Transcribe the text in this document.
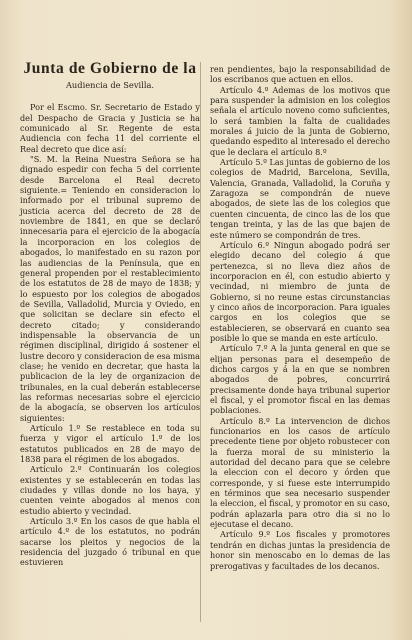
Junta de Gobierno de la
Audiencia de Sevilla.

Por el Escmo. Sr. Secretario de Estado y del Despacho de Gracia y Justicia se ha comunicado al Sr. Regente de esta Audiencia con fecha 11 del corriente el Real decreto que dice así:

"S. M. la Reina Nuestra Señora se ha dignado espedir con fecha 5 del corriente desde Barcelona el Real decreto siguiente.= Teniendo en consideracion lo informado por el tribunal supremo de justicia acerca del decreto de 28 de noviembre de 1841, en que se declaró innecesaria para el ejercicio de la abogacía la incorporacion en los colegios de abogados, lo manifestado en su razon por las audiencias de la Península, que en general propenden por el restablecimiento de los estatutos de 28 de mayo de 1838; y lo espuesto por los colegios de abogados de Sevilla, Valladolid, Murcia y Oviedo, en que solicitan se declare sin efecto el decreto citado; y considerando indispensable la observancia de un régimen disciplinal, dirigido á sostener el lustre decoro y consideracion de esa misma clase; he venido en decretar, que hasta la publicacion de la ley de organizacion de tribunales, en la cual deberán establecerse las reformas necesarias sobre el ejercicio de la abogacía, se observen los artículos siguientes:

Artículo 1.º Se restablece en toda su fuerza y vigor el artículo 1.º de los estatutos publicados en 28 de mayo de 1838 para el régimen de los abogados.

Artículo 2.º Continuarán los colegios existentes y se establecerán en todas las ciudades y villas donde no los haya, y cuenten veinte abogados al menos con estudio abierto y vecindad.

Artículo 3.º En los casos de que habla el artículo 4.º de los estatutos, no podrán sacarse los pleitos y negocios de la residencia del juzgado ó tribunal en que estuvieren

ren pendientes, bajo la responsabilidad de los escribanos que actuen en ellos.

Artículo 4.º Ademas de los motivos que para suspender la admision en los colegios señala el artículo noveno como suficientes, lo será tambien la falta de cualidades morales á juicio de la junta de Gobierno, quedando espedito al interesado el derecho que le declara el artículo 8.º

Artículo 5.º Las juntas de gobierno de los colegios de Madrid, Barcelona, Sevilla, Valencia, Granada, Valladolid, la Coruña y Zaragoza se compondrán de nueve abogados, de siete las de los colegios que cuenten cincuenta, de cinco las de los que tengan treinta, y las de las que bajen de este número se compondrán de tres.

Artículo 6.º Ningun abogado podrá ser elegido decano del colegio á que pertenezca, si no lleva diez años de incorporacion en él, con estudio abierto y vecindad, ni miembro de junta de Gobierno, si no reune estas circunstancias y cinco años de incorporacion. Para iguales cargos en los colegios que se establecieren, se observará en cuanto sea posible lo que se manda en este artículo.

Artículo 7.º A la junta general en que se elijan personas para el desempeño de dichos cargos y á la en que se nombren abogados de pobres, concurrirá precisamente donde haya tribunal superior el fiscal, y el promotor fiscal en las demas poblaciones.

Artículo 8.º La intervencion de dichos funcionarios en los casos de artículo precedente tiene por objeto robustecer con la fuerza moral de su ministerio la autoridad del decano para que se celebre la eleccion con el decoro y órden que corresponde, y si fuese este interrumpido en términos que sea necesario suspender la eleccion, el fiscal, y promotor en su caso, podrán aplazarla para otro dia si no lo ejecutase el decano.

Artículo 9.º Los fiscales y promotores tendrán en dichas juntas la presidencia de honor sin menoscabo en lo demas de las prerogativas y facultades de los decanos.
